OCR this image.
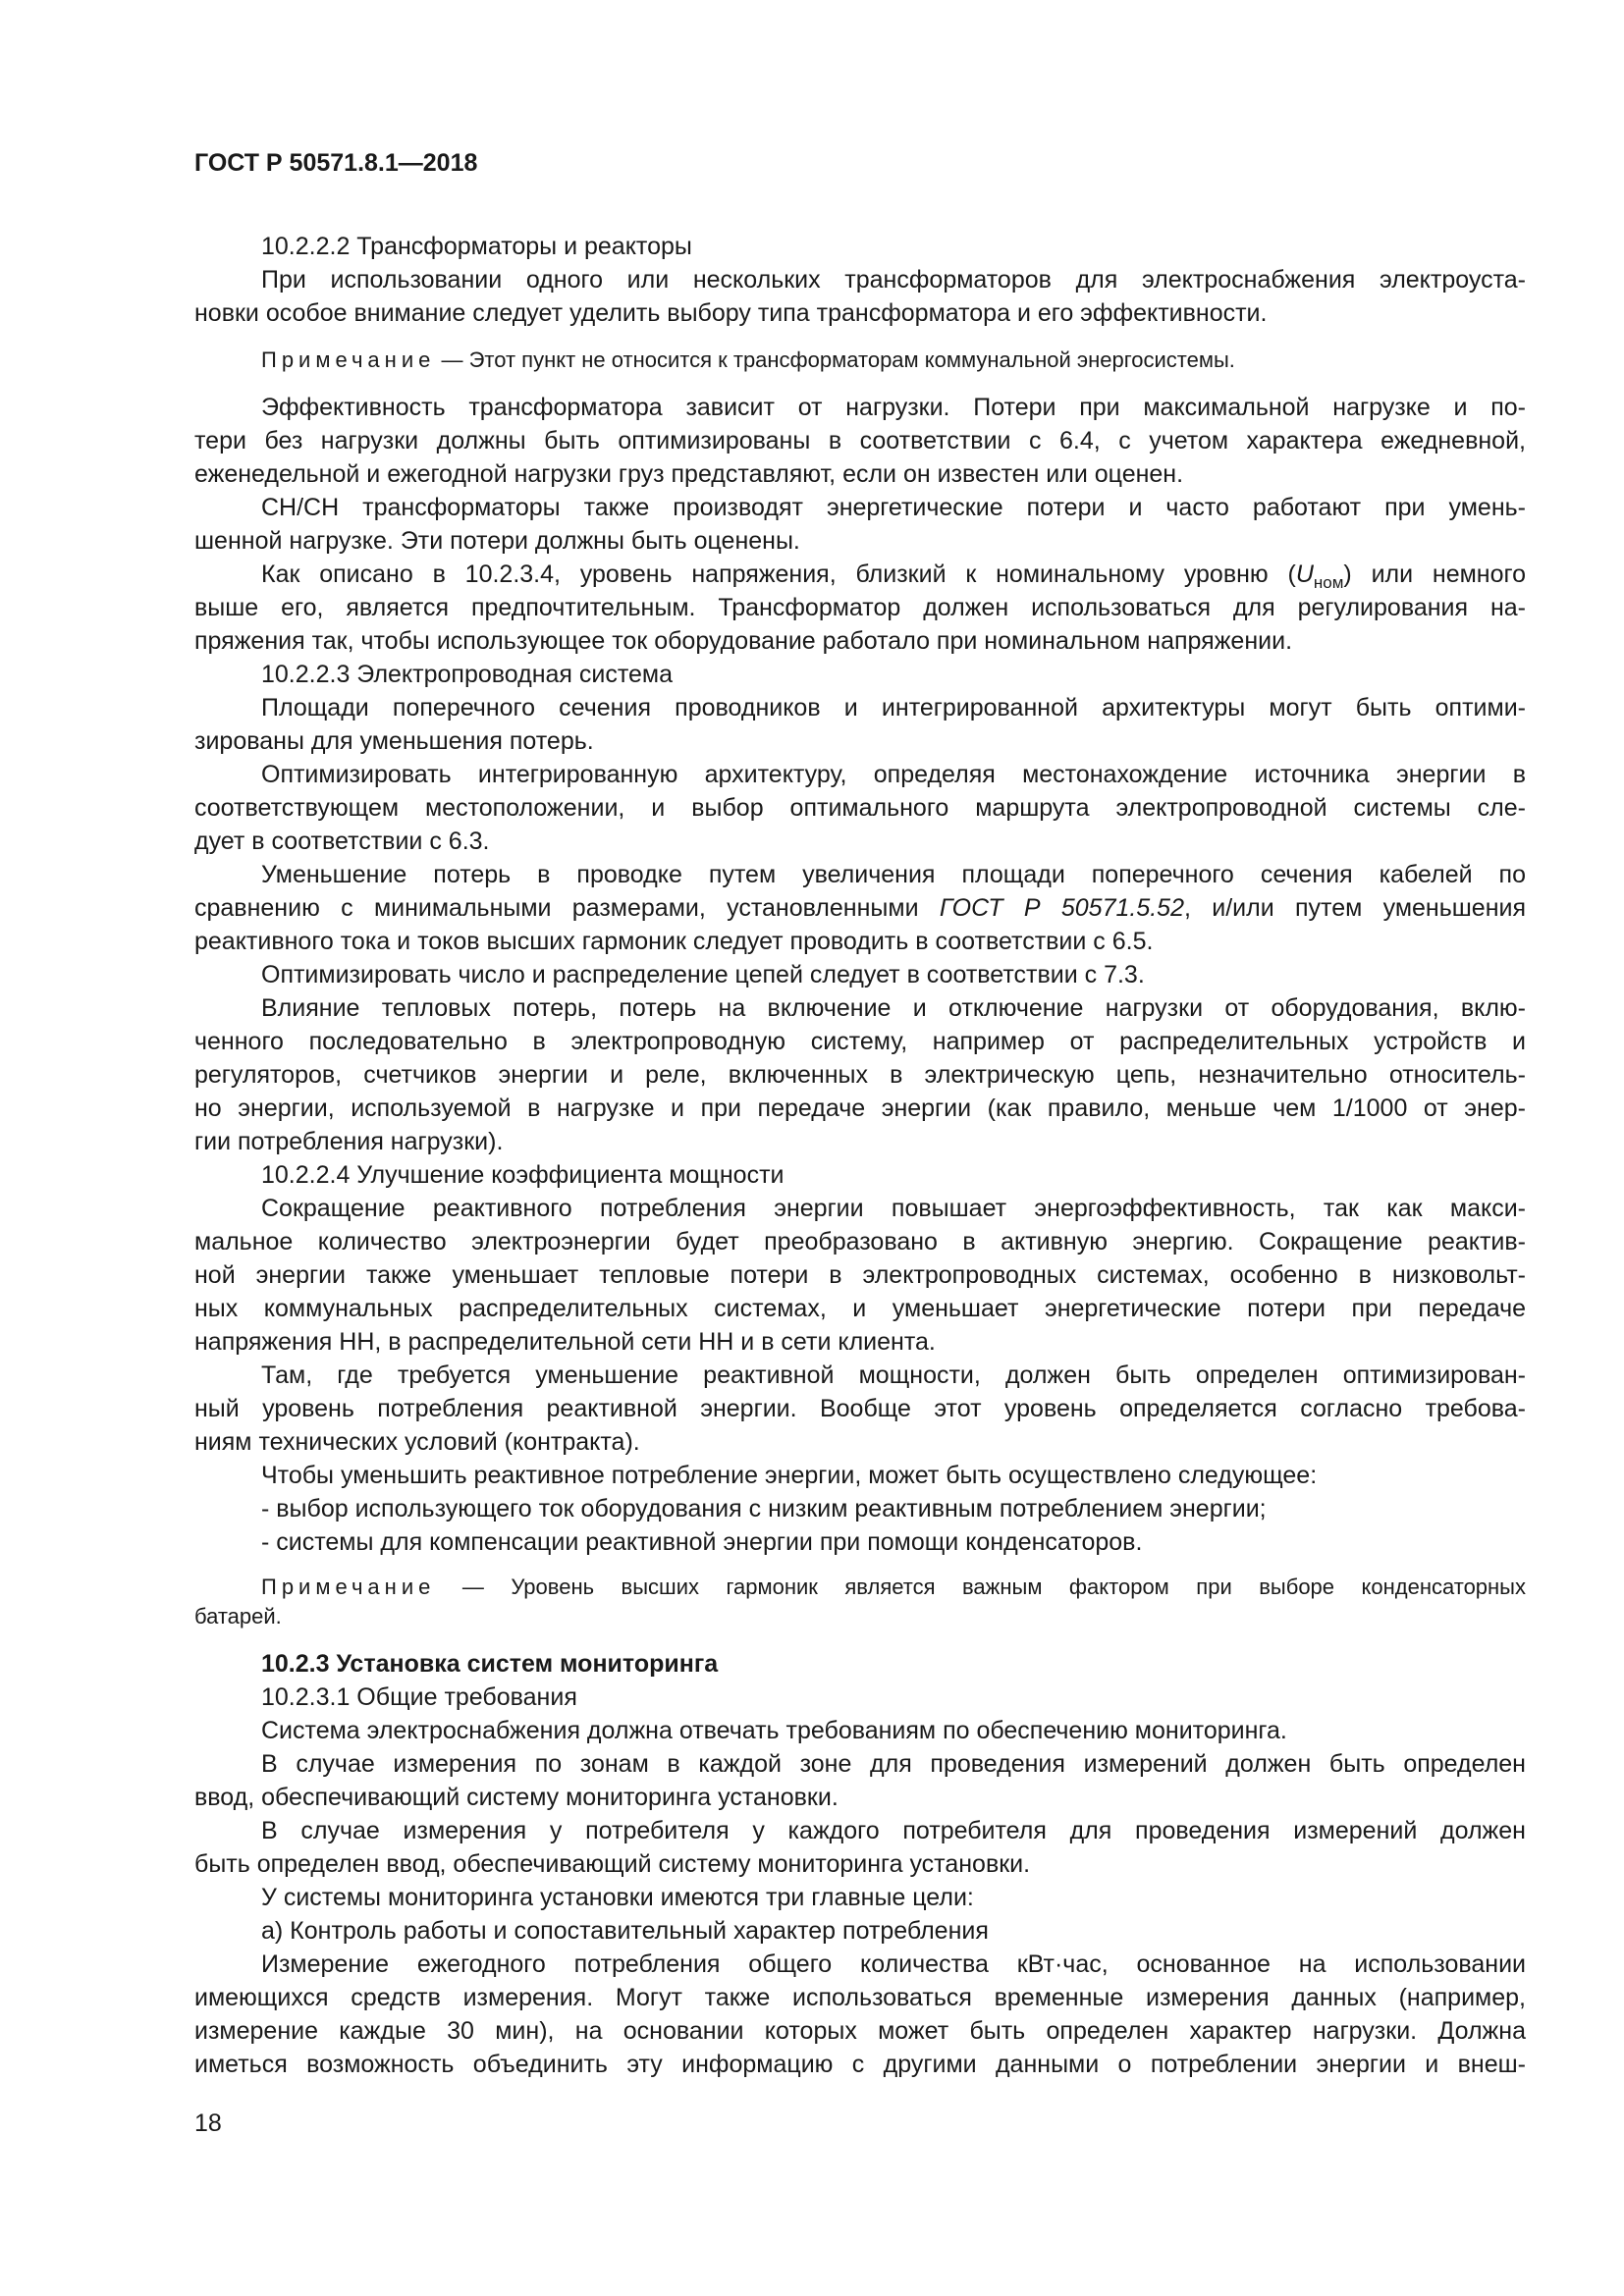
ГОСТ Р 50571.8.1—2018
10.2.2.2 Трансформаторы и реакторы
При использовании одного или нескольких трансформаторов для электроснабжения электроуста-
новки особое внимание следует уделить выбору типа трансформатора и его эффективности.
Примечание — Этот пункт не относится к трансформаторам коммунальной энергосистемы.
Эффективность трансформатора зависит от нагрузки. Потери при максимальной нагрузке и по-
тери без нагрузки должны быть оптимизированы в соответствии с 6.4, с учетом характера ежедневной,
еженедельной и ежегодной нагрузки груз представляют, если он известен или оценен.
СН/СН трансформаторы также производят энергетические потери и часто работают при умень-
шенной нагрузке. Эти потери должны быть оценены.
Как описано в 10.2.3.4, уровень напряжения, близкий к номинальному уровню $(U_{ном})$ или немного
выше его, является предпочтительным. Трансформатор должен использоваться для регулирования на-
пряжения так, чтобы использующее ток оборудование работало при номинальном напряжении.
10.2.2.3 Электропроводная система
Площади поперечного сечения проводников и интегрированной архитектуры могут быть оптими-
зированы для уменьшения потерь.
Оптимизировать интегрированную архитектуру, определяя местонахождение источника энергии в
соответствующем местоположении, и выбор оптимального маршрута электропроводной системы сле-
дует в соответствии с 6.3.
Уменьшение потерь в проводке путем увеличения площади поперечного сечения кабелей по
сравнению с минимальными размерами, установленными ГОСТ Р 50571.5.52, и/или путем уменьшения
реактивного тока и токов высших гармоник следует проводить в соответствии с 6.5.
Оптимизировать число и распределение цепей следует в соответствии с 7.3.
Влияние тепловых потерь, потерь на включение и отключение нагрузки от оборудования, вклю-
ченного последовательно в электропроводную систему, например от распределительных устройств и
регуляторов, счетчиков энергии и реле, включенных в электрическую цепь, незначительно относитель-
но энергии, используемой в нагрузке и при передаче энергии (как правило, меньше чем 1/1000 от энер-
гии потребления нагрузки).
10.2.2.4 Улучшение коэффициента мощности
Сокращение реактивного потребления энергии повышает энергоэффективность, так как макси-
мальное количество электроэнергии будет преобразовано в активную энергию. Сокращение реактив-
ной энергии также уменьшает тепловые потери в электропроводных системах, особенно в низковольт-
ных коммунальных распределительных системах, и уменьшает энергетические потери при передаче
напряжения НН, в распределительной сети НН и в сети клиента.
Там, где требуется уменьшение реактивной мощности, должен быть определен оптимизирован-
ный уровень потребления реактивной энергии. Вообще этот уровень определяется согласно требова-
ниям технических условий (контракта).
Чтобы уменьшить реактивное потребление энергии, может быть осуществлено следующее:
- выбор использующего ток оборудования с низким реактивным потреблением энергии;
- системы для компенсации реактивной энергии при помощи конденсаторов.
Примечание — Уровень высших гармоник является важным фактором при выборе конденсаторных
батарей.
10.2.3 Установка систем мониторинга
10.2.3.1 Общие требования
Система электроснабжения должна отвечать требованиям по обеспечению мониторинга.
В случае измерения по зонам в каждой зоне для проведения измерений должен быть определен
ввод, обеспечивающий систему мониторинга установки.
В случае измерения у потребителя у каждого потребителя для проведения измерений должен
быть определен ввод, обеспечивающий систему мониторинга установки.
У системы мониторинга установки имеются три главные цели:
а) Контроль работы и сопоставительный характер потребления
Измерение ежегодного потребления общего количества кВт·час, основанное на использовании
имеющихся средств измерения. Могут также использоваться временные измерения данных (например,
измерение каждые 30 мин), на основании которых может быть определен характер нагрузки. Должна
иметься возможность объединить эту информацию с другими данными о потреблении энергии и внеш-
18
